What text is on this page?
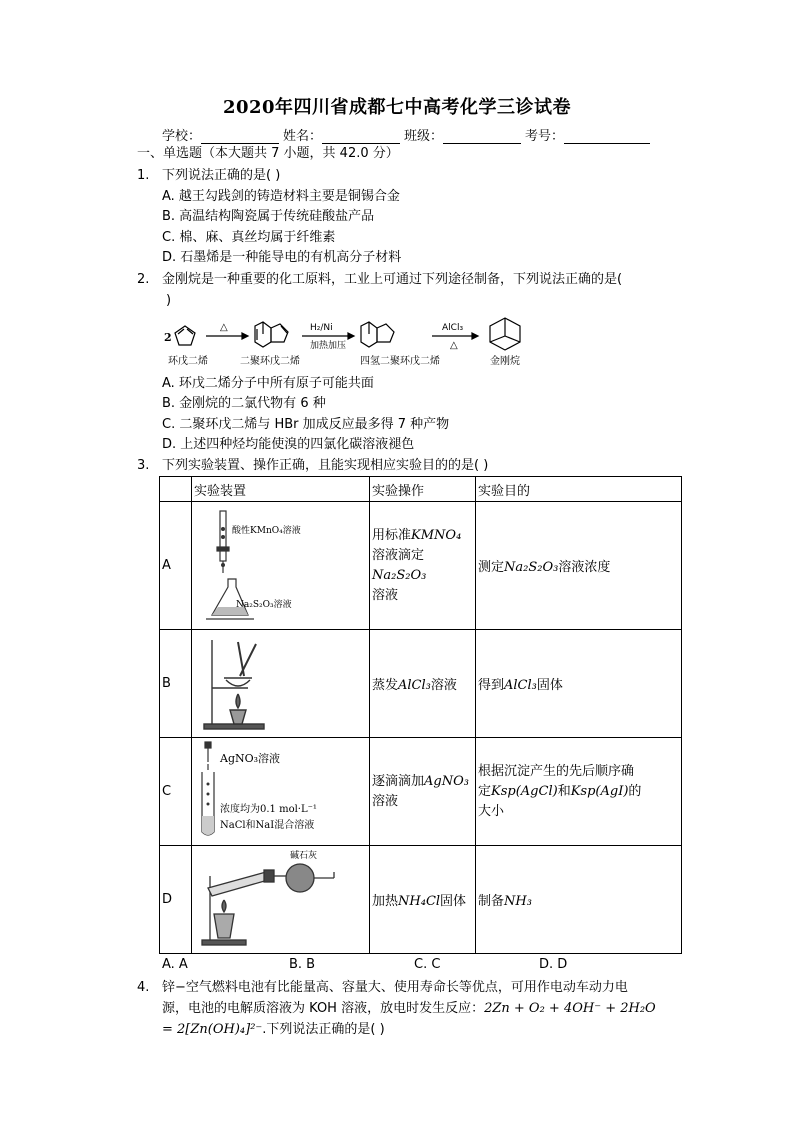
2020年四川省成都七中高考化学三诊试卷
学校：	姓名：	班级：	考号：
一、单选题（本大题共 7 小题，共 42.0 分）
1. 下列说法正确的是( )
A. 越王勾践剑的铸造材料主要是铜锡合金
B. 高温结构陶瓷属于传统硅酸盐产品
C. 棉、麻、真丝均属于纤维素
D. 石墨烯是一种能导电的有机高分子材料
2. 金刚烷是一种重要的化工原料，工业上可通过下列途径制备，下列说法正确的是(
)
2
△	H₂/Ni
加热加压
AlCl₃
△
环戊二烯	二聚环戊二烯	四氢二聚环戊二烯	金刚烷
A. 环戊二烯分子中所有原子可能共面
B. 金刚烷的二氯代物有 6 种
C. 二聚环戊二烯与 HBr 加成反应最多得 7 种产物
D. 上述四种烃均能使溴的四氯化碳溶液褪色
3. 下列实验装置、操作正确，且能实现相应实验目的的是( )
	实验装置	实验操作	实验目的
A	酸性KMnO₄溶液
Na₂S₂O₃溶液	用标准KMNO₄溶液滴定Na₂S₂O₃
溶液	测定Na₂S₂O₃溶液浓度
B		蒸发AlCl₃溶液	得到AlCl₃固体
C	AgNO₃溶液
浓度均为0.1 mol·L⁻¹
NaCl和NaI混合溶液	逐滴滴加AgNO₃
溶液	根据沉淀产生的先后顺序确
定Ksp(AgCl)和Ksp(AgI)的
大小
D	碱石灰	加热NH₄Cl固体	制备NH₃
A. A	B. B	C. C	D. D
4. 锌−空气燃料电池有比能量高、容量大、使用寿命长等优点，可用作电动车动力电
源，电池的电解质溶液为 KOH 溶液，放电时发生反应：2Zn + O₂ + 4OH⁻ + 2H₂O
= 2[Zn(OH)₄]²⁻.下列说法正确的是( )
